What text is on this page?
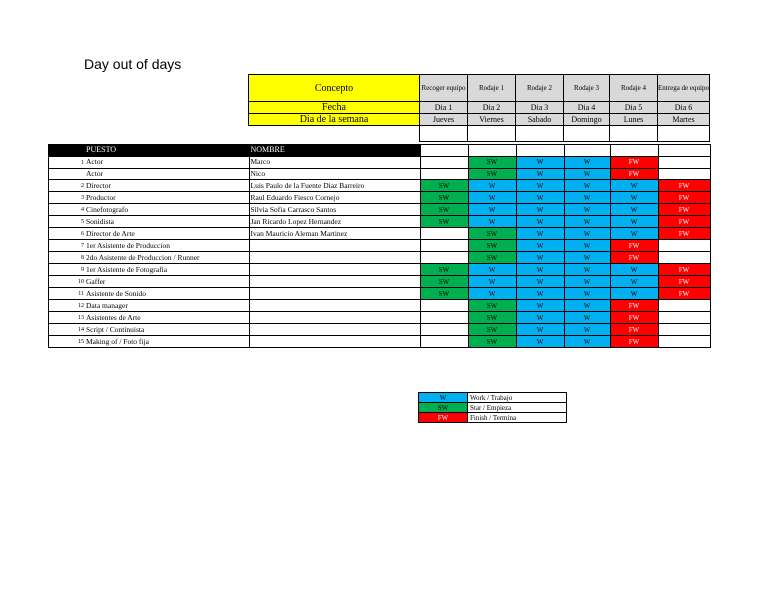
Day out of days
Concepto	Recoger equipo	Rodaje 1	Rodaje 2	Rodaje 3	Rodaje 4	Entrega de equipo
Fecha	Dia 1	Dia 2	Dia 3	Dia 4	Dia 5	Dia 6
Dia de la semana	Jueves	Viernes	Sabado	Domingo	Lunes	Martes

	PUESTO	NOMBRE						
1	Actor	Marco		SW	W	W	FW	
	Actor	Nico		SW	W	W	FW	
2	Director	Luis Paulo de la Fuente Diaz Barreiro	SW	W	W	W	W	FW
3	Productor	Raul Eduardo Fiesco Cornejo	SW	W	W	W	W	FW
4	Cinefotografo	Silvia Sofia Carrasco Santos	SW	W	W	W	W	FW
5	Sonidista	Jan Ricardo Lopez Hernandez	SW	W	W	W	W	FW
6	Director de Arte	Ivan Mauricio Aleman Martinez		SW	W	W	W	FW
7	1er Asistente de Produccion			SW	W	W	FW	
8	2do Asistente de Produccion / Runner			SW	W	W	FW	
9	1er Asistente de Fotografia		SW	W	W	W	W	FW
10	Gaffer		SW	W	W	W	W	FW
11	Asistente de Sonido		SW	W	W	W	W	FW
12	Data manager			SW	W	W	FW	
13	Asistentes de Arte			SW	W	W	FW	
14	Script / Continuista			SW	W	W	FW	
15	Making of / Foto fija			SW	W	W	FW	
W	Work / Trabajo
SW	Star / Empieza
FW	Finish / Termina
